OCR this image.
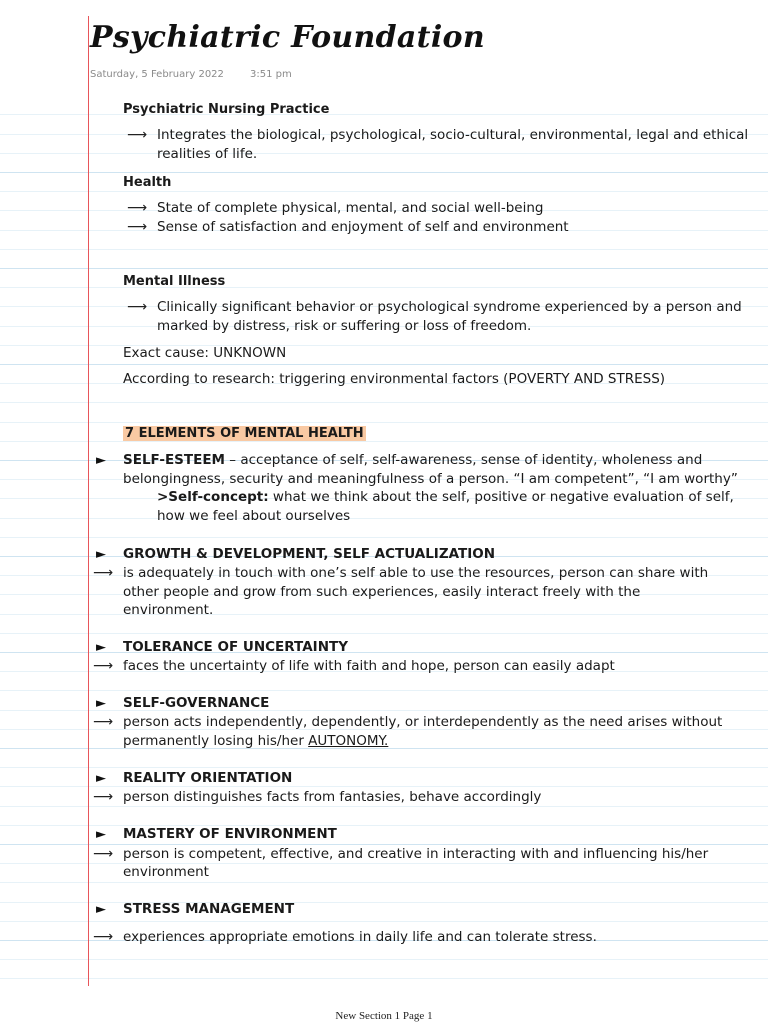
Psychiatric Foundation
Saturday, 5 February 2022	3:51 pm
Psychiatric Nursing Practice
⟶ Integrates the biological, psychological, socio-cultural, environmental, legal and ethical
realities of life.
Health
⟶ State of complete physical, mental, and social well-being
⟶ Sense of satisfaction and enjoyment of self and environment
Mental Illness
⟶ Clinically significant behavior or psychological syndrome experienced by a person and
marked by distress, risk or suffering or loss of freedom.
Exact cause: UNKNOWN
According to research: triggering environmental factors (POVERTY AND STRESS)
7 ELEMENTS OF MENTAL HEALTH
► SELF-ESTEEM – acceptance of self, self-awareness, sense of identity, wholeness and
belongingness, security and meaningfulness of a person. “I am competent”, “I am worthy”
>Self-concept: what we think about the self, positive or negative evaluation of self,
how we feel about ourselves
► GROWTH & DEVELOPMENT, SELF ACTUALIZATION
⟶ is adequately in touch with one’s self able to use the resources, person can share with
other people and grow from such experiences, easily interact freely with the
environment.
► TOLERANCE OF UNCERTAINTY
⟶ faces the uncertainty of life with faith and hope, person can easily adapt
► SELF-GOVERNANCE
⟶ person acts independently, dependently, or interdependently as the need arises without
permanently losing his/her AUTONOMY.
► REALITY ORIENTATION
⟶ person distinguishes facts from fantasies, behave accordingly
► MASTERY OF ENVIRONMENT
⟶ person is competent, effective, and creative in interacting with and influencing his/her
environment
► STRESS MANAGEMENT
⟶ experiences appropriate emotions in daily life and can tolerate stress.
New Section 1 Page 1
